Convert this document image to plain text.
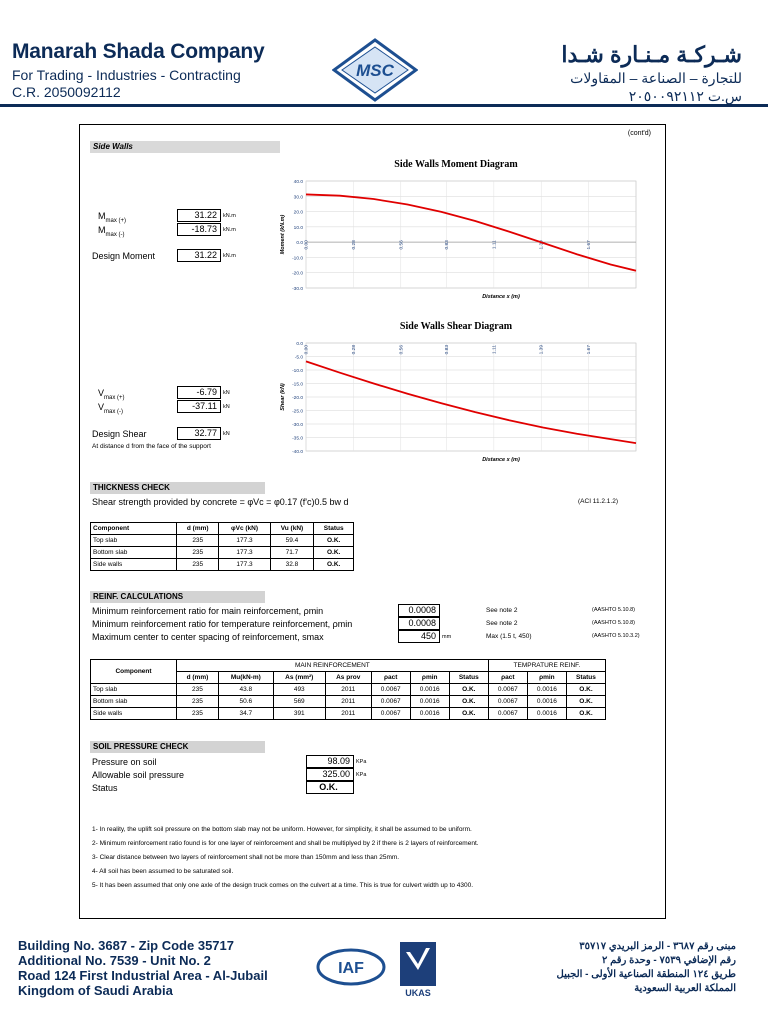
Manarah Shada Company
For Trading - Industries - Contracting
C.R. 2050092112
MSC
شـركـة مـنـارة شـدا
للتجارة – الصناعة – المقاولات
س.ت ٢٠٥٠٠٩٢١١٢
(cont'd)
Side Walls
$M_{max (+)}$
31.22	kN.m
$M_{max (-)}$
-18.73	kN.m
Design Moment	31.22	kN.m
Side Walls Moment Diagram
40.0
30.0
20.0
10.0
0.0
-10.0
-20.0
-30.0
0.00	0.28	0.56	0.83	1.11	1.39	1.67
Moment (kN.m)
Distance x (m)
Side Walls Shear Diagram
0.0
-5.0
-10.0
-15.0
-20.0
-25.0
-30.0
-35.0
-40.0
0.00	0.28	0.56	0.83	1.11	1.39	1.67
Shear (kN)
Distance x (m)
$V_{max (+)}$
-6.79	kN
$V_{max (-)}$
-37.11	kN
Design Shear	32.77	kN
At distance d from the face of the support
THICKNESS CHECK
Shear strength provided by concrete = φVc = φ0.17 (f'c)0.5 bw d	(ACI 11.2.1.2)
Component	d (mm)	φVc (kN)	Vu (kN)	Status
Top slab	235	177.3	59.4	O.K.
Bottom slab	235	177.3	71.7	O.K.
Side walls	235	177.3	32.8	O.K.
REINF. CALCULATIONS
Minimum reinforcement ratio for main reinforcement, ρmin	0.0008	See note 2	(AASHTO 5.10.8)
Minimum reinforcement ratio for temperature reinforcement, ρmin	0.0008	See note 2	(AASHTO 5.10.8)
Maximum center to center spacing of reinforcement, smax	450	mm	Max (1.5 t, 450)	(AASHTO 5.10.3.2)
Component	MAIN REINFORCEMENT							TEMPRATURE REINF.		
	d (mm)	Mu(kN-m)	As (mm²)	As prov	ρact	ρmin	Status	ρact	ρmin	Status
Top slab	235	43.8	493	2011	0.0067	0.0016	O.K.	0.0067	0.0016	O.K.
Bottom slab	235	50.6	569	2011	0.0067	0.0016	O.K.	0.0067	0.0016	O.K.
Side walls	235	34.7	391	2011	0.0067	0.0016	O.K.	0.0067	0.0016	O.K.
SOIL PRESSURE CHECK
Pressure on soil	98.09	KPa
Allowable soil pressure	325.00	KPa
Status	O.K.
1- In reality, the uplift soil pressure on the bottom slab may not be uniform. However, for simplicity, it shall be assumed to be uniform.
2- Minimum reinforcement ratio found is for one layer of reinforcement and shall be multiplyed by 2 if there is 2 layers of reinforcement.
3- Clear distance between two layers of reinforcement shall not be more than 150mm and less than 25mm.
4- All soil has been assumed to be saturated soil.
5- It has been assumed that only one axle of the design truck comes on the culvert at a time. This is true for culvert width up to 4300.
Building No. 3687 - Zip Code 35717
Additional No. 7539 - Unit No. 2
Road 124 First Industrial Area - Al-Jubail
Kingdom of Saudi Arabia
IAF
UKAS
مبنى رقم ٣٦٨٧ - الرمز البريدي ٣٥٧١٧
رقم الإضافي ٧٥٣٩ - وحدة رقم ٢
طريق ١٢٤ المنطقة الصناعية الأولى - الجبيل
المملكة العربية السعودية
